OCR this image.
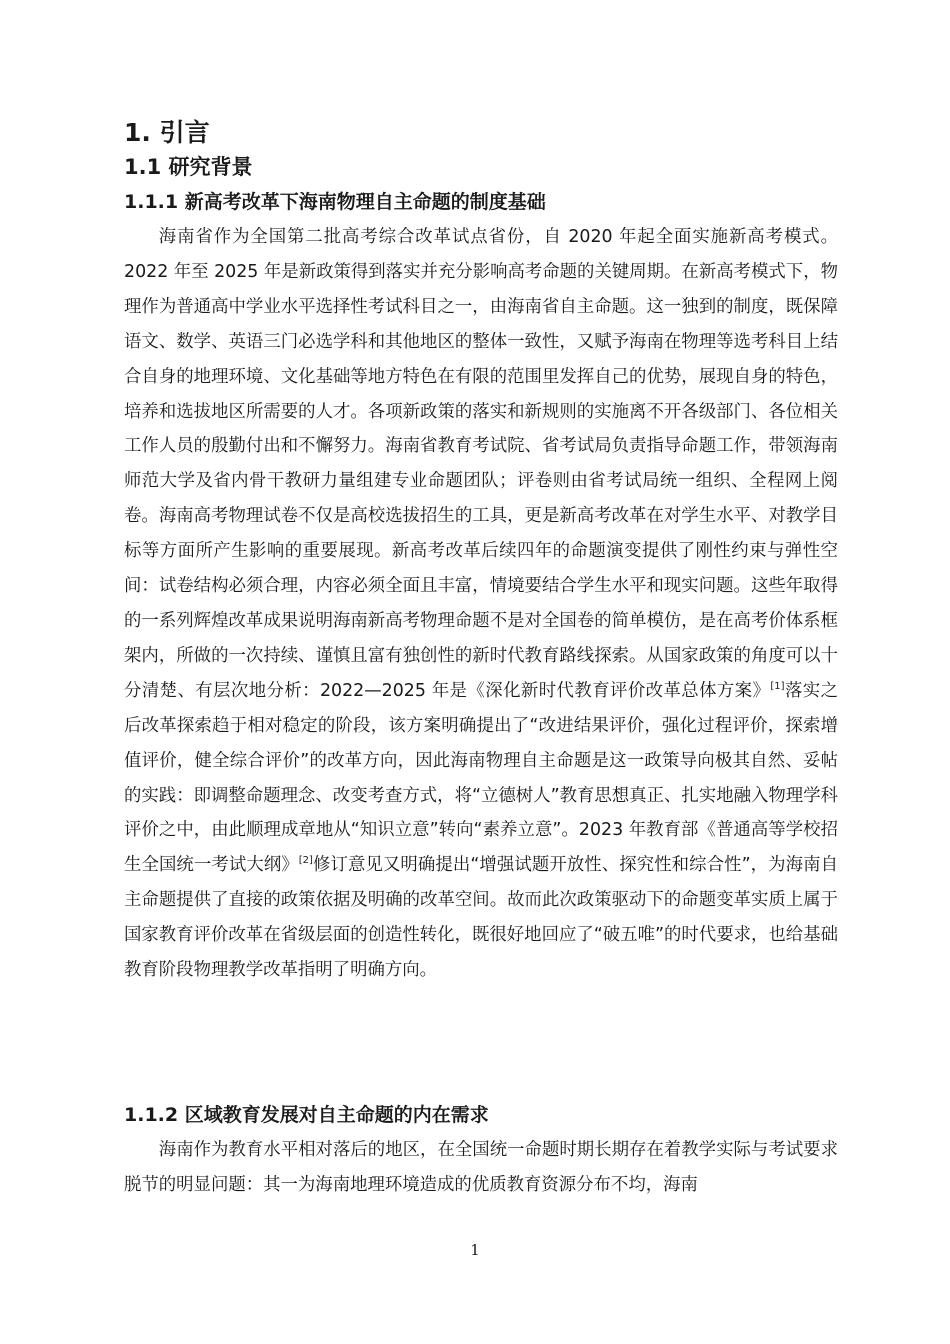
1. 引言
1.1 研究背景
1.1.1 新高考改革下海南物理自主命题的制度基础

海南省作为全国第二批高考综合改革试点省份，自 2020 年起全面实施新高考模式。2022 年至 2025 年是新政策得到落实并充分影响高考命题的关键周期。在新高考模式下，物理作为普通高中学业水平选择性考试科目之一，由海南省自主命题。这一独到的制度，既保障语文、数学、英语三门必选学科和其他地区的整体一致性，又赋予海南在物理等选考科目上结合自身的地理环境、文化基础等地方特色在有限的范围里发挥自己的优势，展现自身的特色，培养和选拔地区所需要的人才。各项新政策的落实和新规则的实施离不开各级部门、各位相关工作人员的殷勤付出和不懈努力。海南省教育考试院、省考试局负责指导命题工作，带领海南师范大学及省内骨干教研力量组建专业命题团队；评卷则由省考试局统一组织、全程网上阅卷。海南高考物理试卷不仅是高校选拔招生的工具，更是新高考改革在对学生水平、对教学目标等方面所产生影响的重要展现。新高考改革后续四年的命题演变提供了刚性约束与弹性空间：试卷结构必须合理，内容必须全面且丰富，情境要结合学生水平和现实问题。这些年取得的一系列辉煌改革成果说明海南新高考物理命题不是对全国卷的简单模仿，是在高考价体系框架内，所做的一次持续、谨慎且富有独创性的新时代教育路线探索。从国家政策的角度可以十分清楚、有层次地分析：2022—2025 年是《深化新时代教育评价改革总体方案》[1]落实之后改革探索趋于相对稳定的阶段，该方案明确提出了“改进结果评价，强化过程评价，探索增值评价，健全综合评价”的改革方向，因此海南物理自主命题是这一政策导向极其自然、妥帖的实践：即调整命题理念、改变考查方式，将“立德树人”教育思想真正、扎实地融入物理学科评价之中，由此顺理成章地从“知识立意”转向“素养立意”。2023 年教育部《普通高等学校招生全国统一考试大纲》[2]修订意见又明确提出“增强试题开放性、探究性和综合性”，为海南自主命题提供了直接的政策依据及明确的改革空间。故而此次政策驱动下的命题变革实质上属于国家教育评价改革在省级层面的创造性转化，既很好地回应了“破五唯”的时代要求，也给基础教育阶段物理教学改革指明了明确方向。

1.1.2 区域教育发展对自主命题的内在需求

海南作为教育水平相对落后的地区，在全国统一命题时期长期存在着教学实际与考试要求脱节的明显问题：其一为海南地理环境造成的优质教育资源分布不均，海南

1
